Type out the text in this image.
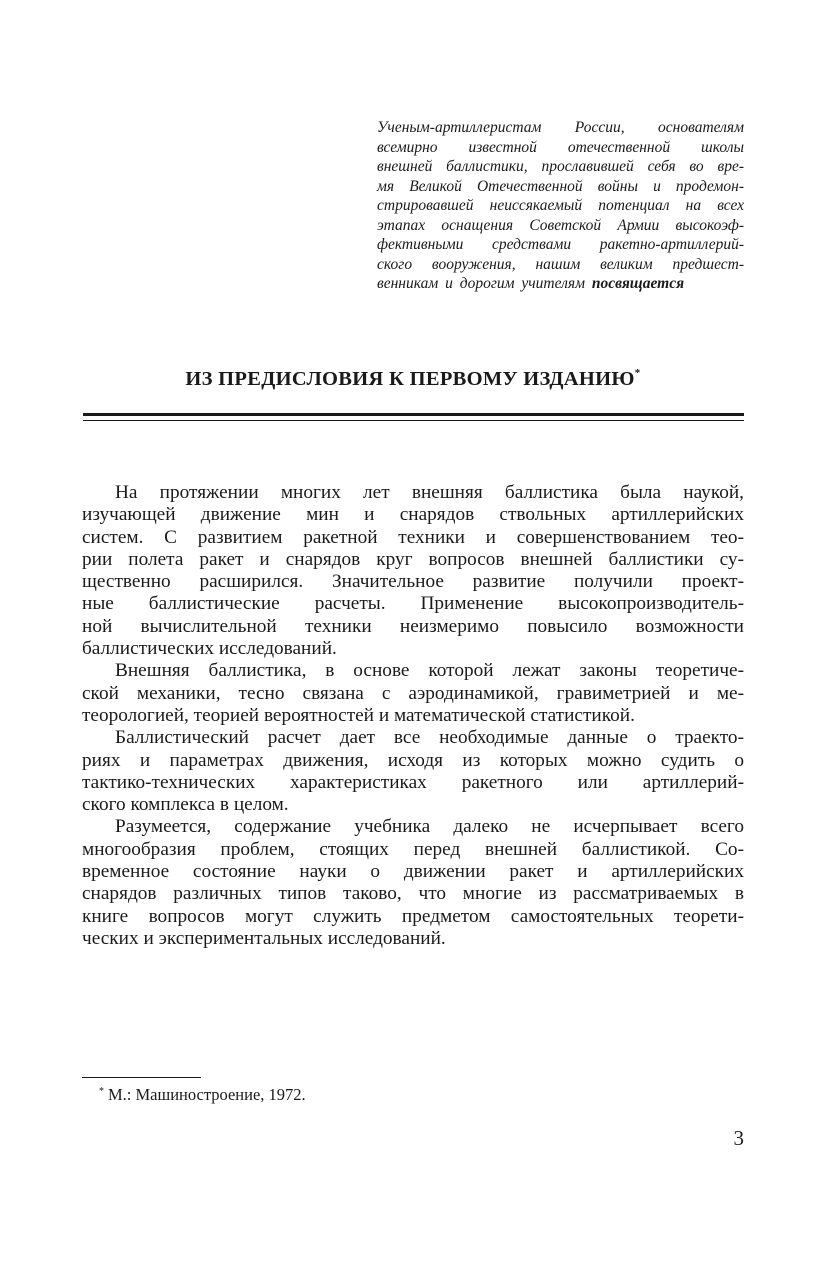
Ученым-артиллеристам России, основателям
всемирно известной отечественной школы
внешней баллистики, прославившей себя во вре-
мя Великой Отечественной войны и продемон-
стрировавшей неиссякаемый потенциал на всех
этапах оснащения Советской Армии высокоэф-
фективными средствами ракетно-артиллерий-
ского вооружения, нашим великим предшест-
венникам и дорогим учителям посвящается
ИЗ ПРЕДИСЛОВИЯ К ПЕРВОМУ ИЗДАНИЮ*
На протяжении многих лет внешняя баллистика была наукой,
изучающей движение мин и снарядов ствольных артиллерийских
систем. С развитием ракетной техники и совершенствованием тео-
рии полета ракет и снарядов круг вопросов внешней баллистики су-
щественно расширился. Значительное развитие получили проект-
ные баллистические расчеты. Применение высокопроизводитель-
ной вычислительной техники неизмеримо повысило возможности
баллистических исследований.
Внешняя баллистика, в основе которой лежат законы теоретиче-
ской механики, тесно связана с аэродинамикой, гравиметрией и ме-
теорологией, теорией вероятностей и математической статистикой.
Баллистический расчет дает все необходимые данные о траекто-
риях и параметрах движения, исходя из которых можно судить о
тактико-технических характеристиках ракетного или артиллерий-
ского комплекса в целом.
Разумеется, содержание учебника далеко не исчерпывает всего
многообразия проблем, стоящих перед внешней баллистикой. Со-
временное состояние науки о движении ракет и артиллерийских
снарядов различных типов таково, что многие из рассматриваемых в
книге вопросов могут служить предметом самостоятельных теорети-
ческих и экспериментальных исследований.
* М.: Машиностроение, 1972.
3
